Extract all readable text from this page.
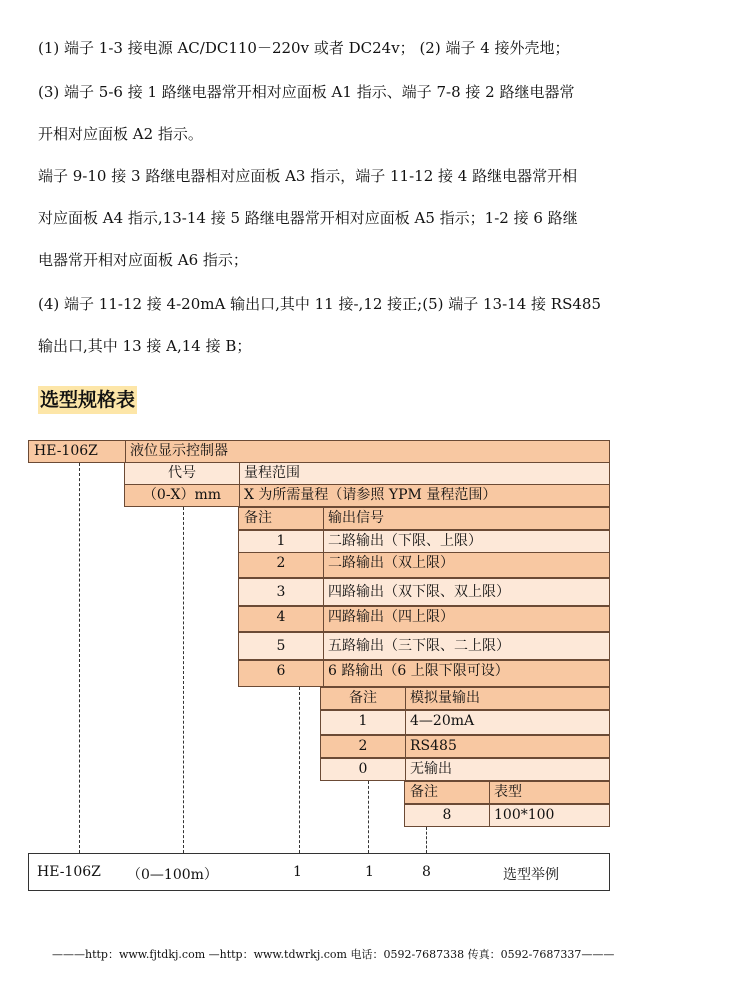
(1) 端子 1-3 接电源 AC/DC110－220v 或者 DC24v； (2) 端子 4 接外壳地；
(3) 端子 5-6 接 1 路继电器常开相对应面板 A1 指示、端子 7-8 接 2 路继电器常
开相对应面板 A2 指示。
端子 9-10 接 3 路继电器相对应面板 A3 指示，端子 11-12 接 4 路继电器常开相
对应面板 A4 指示,13-14 接 5 路继电器常开相对应面板 A5 指示；1-2 接 6 路继
电器常开相对应面板 A6 指示；
(4) 端子 11-12 接 4-20mA 输出口,其中 11 接-,12 接正;(5) 端子 13-14 接 RS485
输出口,其中 13 接 A,14 接 B；
选型规格表
HE-106Z	液位显示控制器
代号	量程范围
（0-X）mm	X 为所需量程（请参照 YPM 量程范围）
备注	输出信号
1	二路输出（下限、上限）
2	二路输出（双上限）
3	四路输出（双下限、双上限）
4	四路输出（四上限）
5	五路输出（三下限、二上限）
6	6 路输出（6 上限下限可设）
备注	模拟量输出
1	4—20mA
2	RS485
0	无输出
备注	表型
8	100*100
HE-106Z （0—100m）	1	1	8	选型举例
———http：www.fjtdkj.com —http：www.tdwrkj.com 电话：0592-7687338 传真：0592-7687337———
